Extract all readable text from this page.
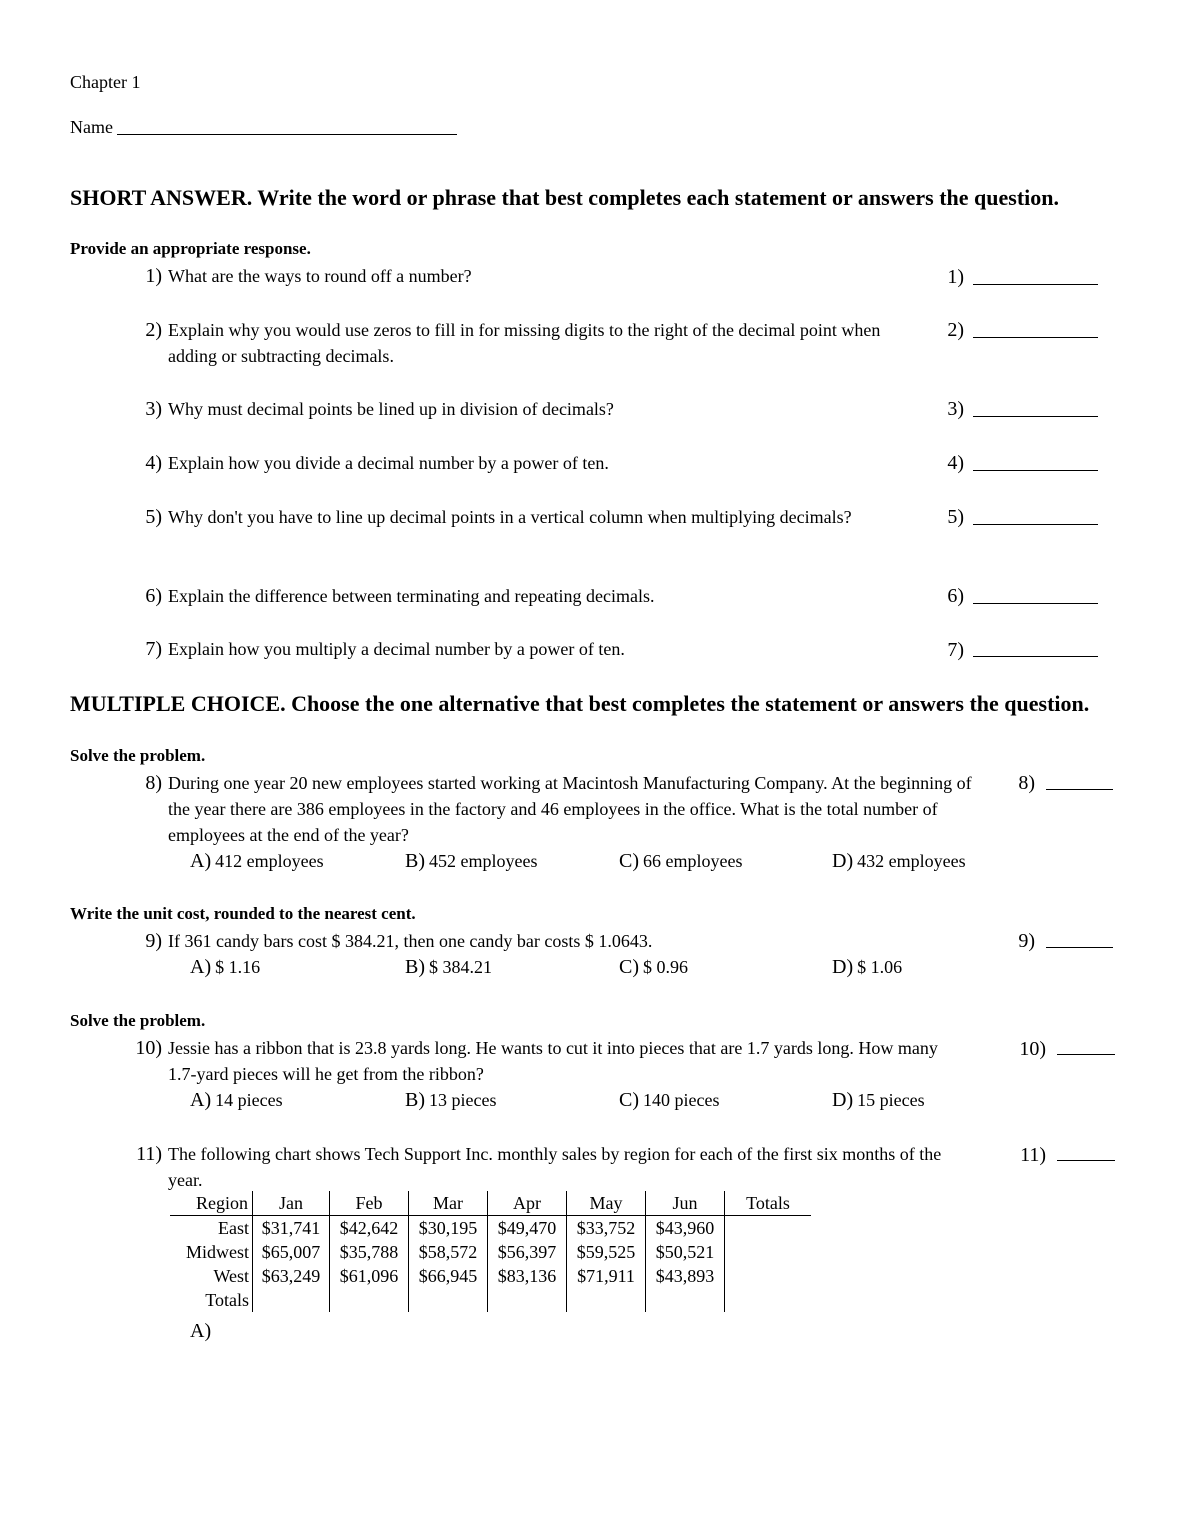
Chapter 1
Name
SHORT ANSWER. Write the word or phrase that best completes each statement or answers the question.
Provide an appropriate response.
1) What are the ways to round off a number?	1)
2) Explain why you would use zeros to fill in for missing digits to the right of the decimal point when adding or subtracting decimals.
2)
3) Why must decimal points be lined up in division of decimals?	3)
4) Explain how you divide a decimal number by a power of ten.	4)
5) Why don't you have to line up decimal points in a vertical column when multiplying decimals?	5)
6) Explain the difference between terminating and repeating decimals.	6)
7) Explain how you multiply a decimal number by a power of ten.	7)
MULTIPLE CHOICE. Choose the one alternative that best completes the statement or answers the question.
Solve the problem.
8) During one year 20 new employees started working at Macintosh Manufacturing Company. At the beginning of the year there are 386 employees in the factory and 46 employees in the office. What is the total number of employees at the end of the year?
8)
A) 412 employees	B) 452 employees	C) 66 employees	D) 432 employees
Write the unit cost, rounded to the nearest cent.
9) If 361 candy bars cost $ 384.21, then one candy bar costs $ 1.0643.	9)
A) $ 1.16	B) $ 384.21	C) $ 0.96	D) $ 1.06
Solve the problem.
10) Jessie has a ribbon that is 23.8 yards long. He wants to cut it into pieces that are 1.7 yards long. How many 1.7-yard pieces will he get from the ribbon?
10)
A) 14 pieces	B) 13 pieces	C) 140 pieces	D) 15 pieces
11) The following chart shows Tech Support Inc. monthly sales by region for each of the first six months of the year.
11)
Region	Jan	Feb	Mar	Apr	May	Jun	Totals
East	$31,741	$42,642	$30,195	$49,470	$33,752	$43,960	
Midwest	$65,007	$35,788	$58,572	$56,397	$59,525	$50,521	
West	$63,249	$61,096	$66,945	$83,136	$71,911	$43,893	
Totals							
A)
